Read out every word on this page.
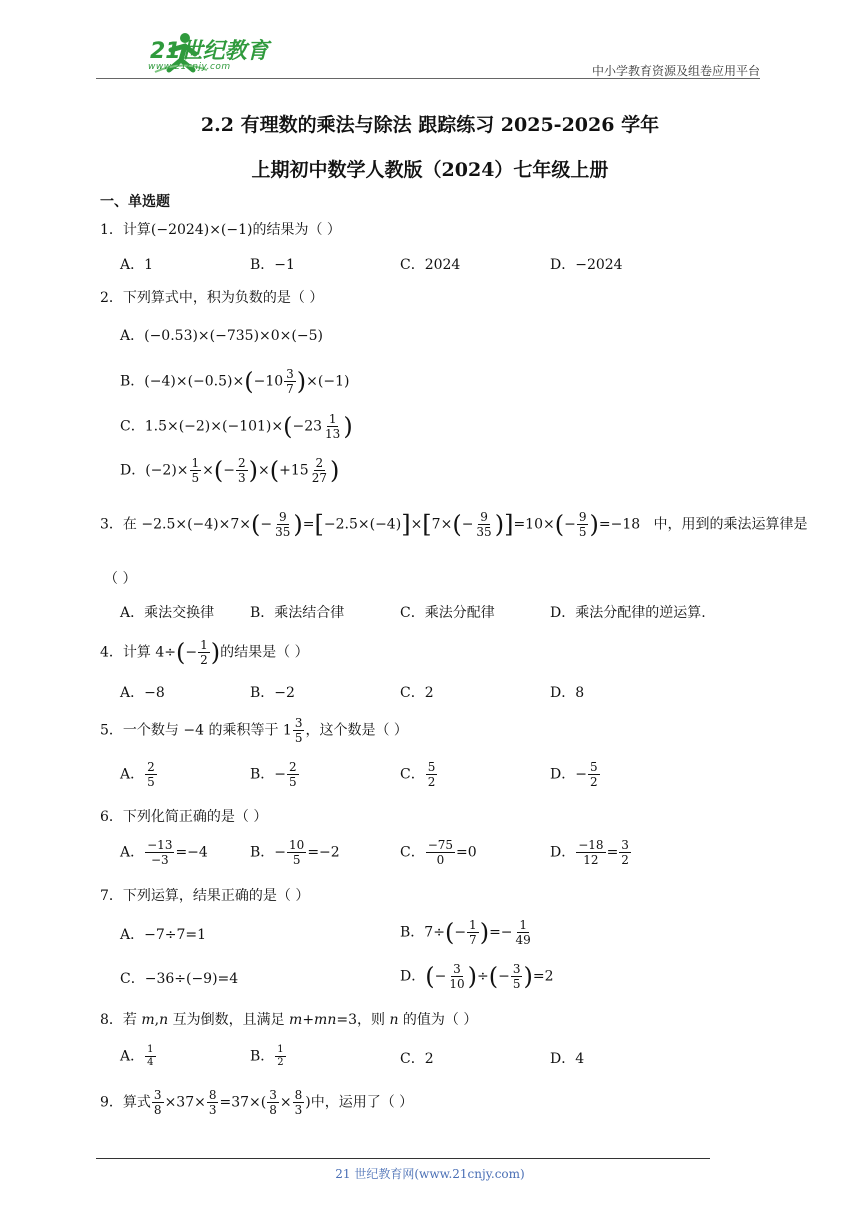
21世纪教育
www.21cnjy.com	中小学教育资源及组卷应用平台
2.2 有理数的乘法与除法 跟踪练习 2025-2026 学年
上期初中数学人教版（2024）七年级上册
一、单选题
1．计算(−2024)×(−1)的结果为（ ）
A．1	B．−1	C．2024	D．−2024
2．下列算式中，积为负数的是（ ）
A．(−0.53)×(−735)×0×(−5)
B．$(-4)\times(-0.5)\times(-10 \frac{3}{7} )\times(-1)$
C．$1.5\times(-2)\times(-101)\times(-23 \frac{1}{13}$ )
D．$(-2)\times \frac{1}{5}$ ×(− $\frac{2}{3} )\times(+15 \frac{2}{27}$ )
3．在 $-2.5\times(-4)\times 7\times(- \frac{9}{35} )=[-2.5\times(-4)]\times[7\times(- \frac{9}{35} )]=10\times(- \frac{9}{5} )=-18$   中，用到的乘法运算律是
（ ）
A．乘法交换律	B．乘法结合律	C．乘法分配律	D．乘法分配律的逆运算.
4．计算 $4\div(- \frac{1}{2}$ )的结果是（ ）
A．−8	B．−2	C．2	D．8
5．一个数与 −4 的乘积等于 $1 \frac{3}{5}$ ，这个数是（ ）
A． $\frac{2}{5}$	B．− $\frac{2}{5}$	C． $\frac{5}{2}$	D．− $\frac{5}{2}$
6．下列化简正确的是（ ）
A． $\frac{-13}{-3} =-4$	B．− $\frac{10}{5} =-2$	C． $\frac{-75}{0} =0$	D． $\frac{-18}{12} = \frac{3}{2}$
7．下列运算，结果正确的是（ ）
A．−7÷7=1	B．$7\div(- \frac{1}{7}$ )=− $\frac{1}{49}$
C．−36÷(−9)=4	D．(− $\frac{3}{10}$ )÷(− $\frac{3}{5} )=2$
8．若 m,n 互为倒数，且满足 m+mn=3，则 n 的值为（ ）
A． $\frac{1}{4}$	B． $\frac{1}{2}$	C．2	D．4
9．算式 $\frac{3}{8} \times 37\times \frac{8}{3} =37\times( \frac{3}{8} \times \frac{8}{3}$ )中，运用了（ ）
21 世纪教育网(www.21cnjy.com)
